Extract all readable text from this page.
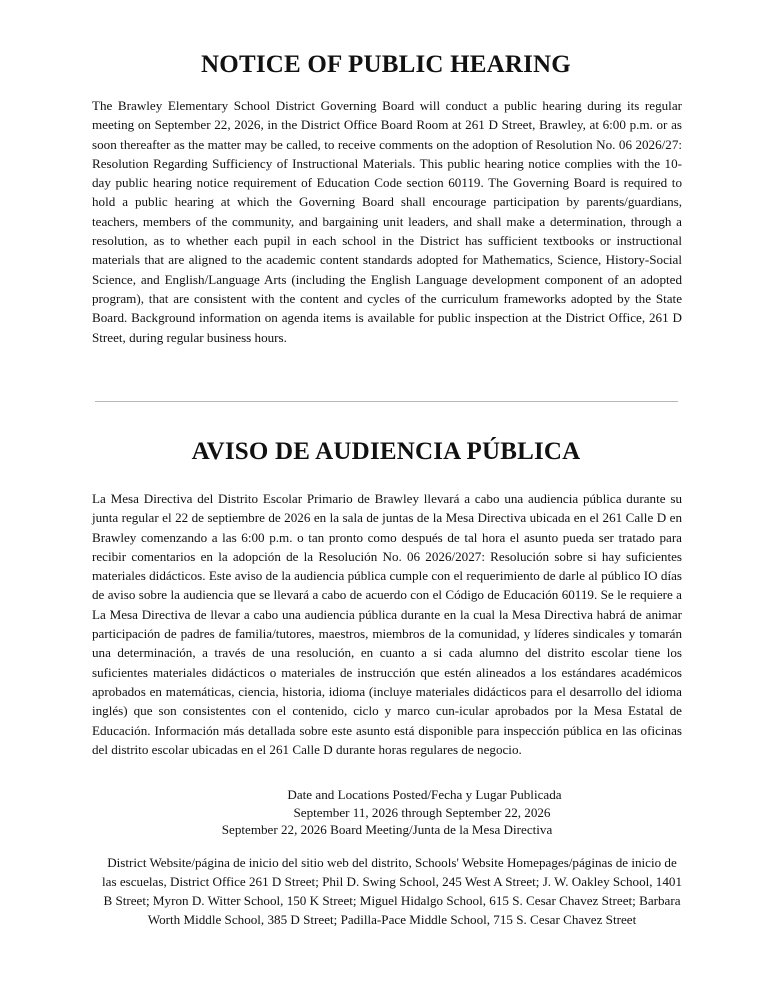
NOTICE OF PUBLIC HEARING

The Brawley Elementary School District Governing Board will conduct a public hearing during its regular meeting on September 22, 2026, in the District Office Board Room at 261 D Street, Brawley, at 6:00 p.m. or as soon thereafter as the matter may be called, to receive comments on the adoption of Resolution No. 06 2026/27: Resolution Regarding Sufficiency of Instructional Materials. This public hearing notice complies with the 10-day public hearing notice requirement of Education Code section 60119. The Governing Board is required to hold a public hearing at which the Governing Board shall encourage participation by parents/guardians, teachers, members of the community, and bargaining unit leaders, and shall make a determination, through a resolution, as to whether each pupil in each school in the District has sufficient textbooks or instructional materials that are aligned to the academic content standards adopted for Mathematics, Science, History-Social Science, and English/Language Arts (including the English Language development component of an adopted program), that are consistent with the content and cycles of the curriculum frameworks adopted by the State Board. Background information on agenda items is available for public inspection at the District Office, 261 D Street, during regular business hours.

AVISO DE AUDIENCIA PÚBLICA

La Mesa Directiva del Distrito Escolar Primario de Brawley llevará a cabo una audiencia pública durante su junta regular el 22 de septiembre de 2026 en la sala de juntas de la Mesa Directiva ubicada en el 261 Calle D en Brawley comenzando a las 6:00 p.m. o tan pronto como después de tal hora el asunto pueda ser tratado para recibir comentarios en la adopción de la Resolución No. 06 2026/2027: Resolución sobre si hay suficientes materiales didácticos. Este aviso de la audiencia pública cumple con el requerimiento de darle al público IO días de aviso sobre la audiencia que se llevará a cabo de acuerdo con el Código de Educación 60119. Se le requiere a La Mesa Directiva de llevar a cabo una audiencia pública durante en la cual la Mesa Directiva habrá de animar participación de padres de familia/tutores, maestros, miembros de la comunidad, y líderes sindicales y tomarán una determinación, a través de una resolución, en cuanto a si cada alumno del distrito escolar tiene los suficientes materiales didácticos o materiales de instrucción que estén alineados a los estándares académicos aprobados en matemáticas, ciencia, historia, idioma (incluye materiales didácticos para el desarrollo del idioma inglés) que son consistentes con el contenido, ciclo y marco cun-icular aprobados por la Mesa Estatal de Educación. Información más detallada sobre este asunto está disponible para inspección pública en las oficinas del distrito escolar ubicadas en el 261 Calle D durante horas regulares de negocio.

Date and Locations Posted/Fecha y Lugar Publicada
September 11, 2026 through September 22, 2026
September 22, 2026 Board Meeting/Junta de la Mesa Directiva

District Website/página de inicio del sitio web del distrito, Schools' Website Homepages/páginas de inicio de las escuelas, District Office 261 D Street; Phil D. Swing School, 245 West A Street; J. W. Oakley School, 1401 B Street; Myron D. Witter School, 150 K Street; Miguel Hidalgo School, 615 S. Cesar Chavez Street; Barbara Worth Middle School, 385 D Street; Padilla-Pace Middle School, 715 S. Cesar Chavez Street
